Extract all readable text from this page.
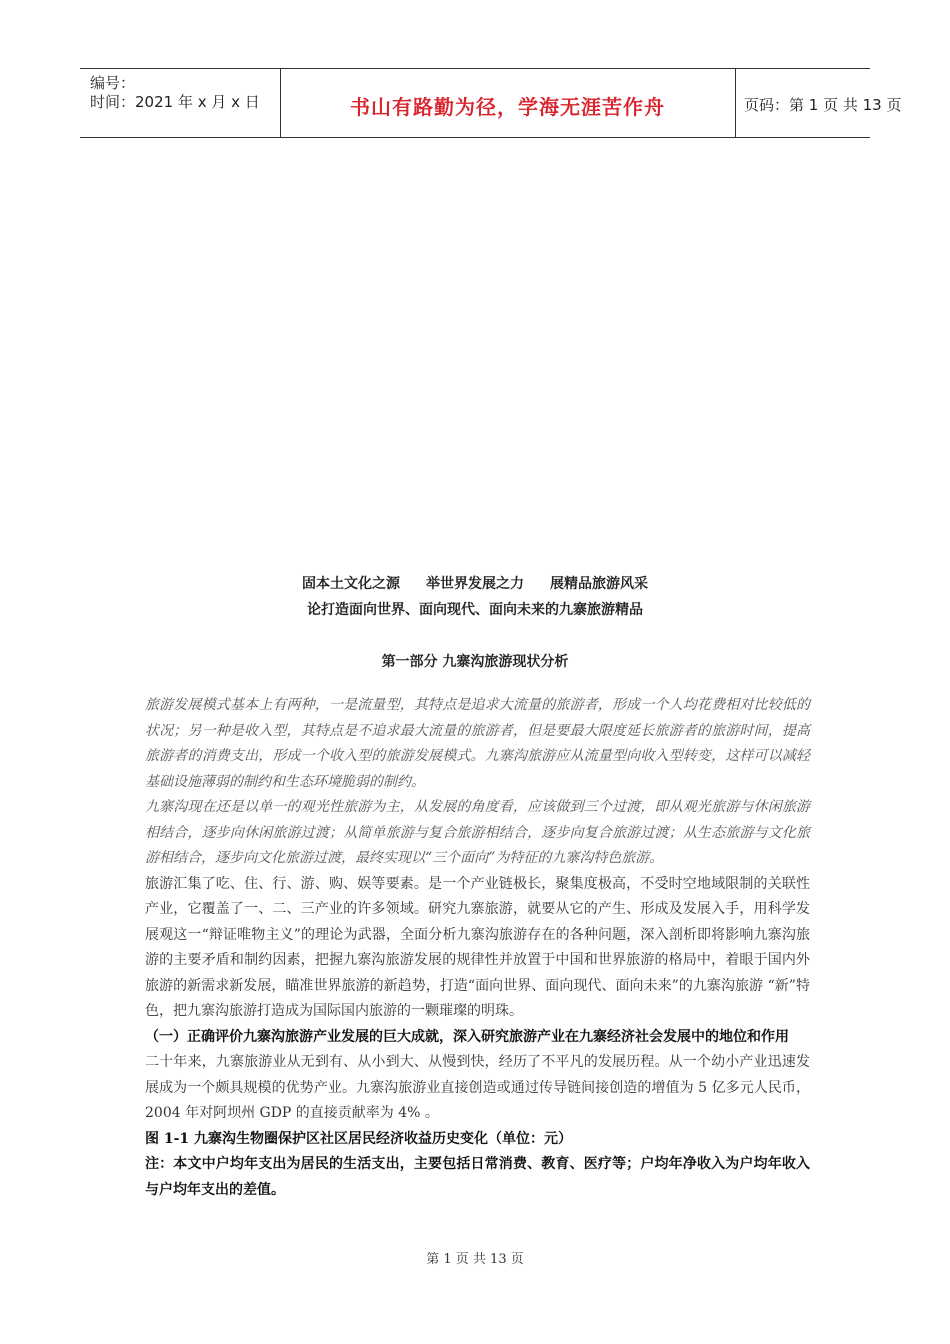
编号：
时间：2021 年 x 月 x 日	书山有路勤为径，学海无涯苦作舟	页码：第 1 页 共 13 页
固本土文化之源 举世界发展之力 展精品旅游风采
论打造面向世界、面向现代、面向未来的九寨旅游精品
第一部分 九寨沟旅游现状分析

旅游发展模式基本上有两种，一是流量型，其特点是追求大流量的旅游者，形成一个人均花费相对比较低的状况；另一种是收入型，其特点是不追求最大流量的旅游者，但是要最大限度延长旅游者的旅游时间，提高旅游者的消费支出，形成一个收入型的旅游发展模式。九寨沟旅游应从流量型向收入型转变，这样可以减轻基础设施薄弱的制约和生态环境脆弱的制约。

九寨沟现在还是以单一的观光性旅游为主，从发展的角度看，应该做到三个过渡，即从观光旅游与休闲旅游相结合，逐步向休闲旅游过渡；从简单旅游与复合旅游相结合，逐步向复合旅游过渡；从生态旅游与文化旅游相结合，逐步向文化旅游过渡，最终实现以“三个面向”为特征的九寨沟特色旅游。

旅游汇集了吃、住、行、游、购、娱等要素。是一个产业链极长，聚集度极高，不受时空地域限制的关联性产业，它覆盖了一、二、三产业的许多领域。研究九寨旅游，就要从它的产生、形成及发展入手，用科学发展观这一“辩证唯物主义”的理论为武器，全面分析九寨沟旅游存在的各种问题，深入剖析即将影响九寨沟旅游的主要矛盾和制约因素，把握九寨沟旅游发展的规律性并放置于中国和世界旅游的格局中，着眼于国内外旅游的新需求新发展，瞄准世界旅游的新趋势，打造“面向世界、面向现代、面向未来”的九寨沟旅游 “新”特色，把九寨沟旅游打造成为国际国内旅游的一颗璀璨的明珠。

（一）正确评价九寨沟旅游产业发展的巨大成就，深入研究旅游产业在九寨经济社会发展中的地位和作用

二十年来，九寨旅游业从无到有、从小到大、从慢到快，经历了不平凡的发展历程。从一个幼小产业迅速发展成为一个颇具规模的优势产业。九寨沟旅游业直接创造或通过传导链间接创造的增值为 5 亿多元人民币，2004 年对阿坝州 GDP 的直接贡献率为 4% 。

图 1-1 九寨沟生物圈保护区社区居民经济收益历史变化（单位：元）

注：本文中户均年支出为居民的生活支出，主要包括日常消费、教育、医疗等；户均年净收入为户均年收入与户均年支出的差值。

第 1 页 共 13 页
